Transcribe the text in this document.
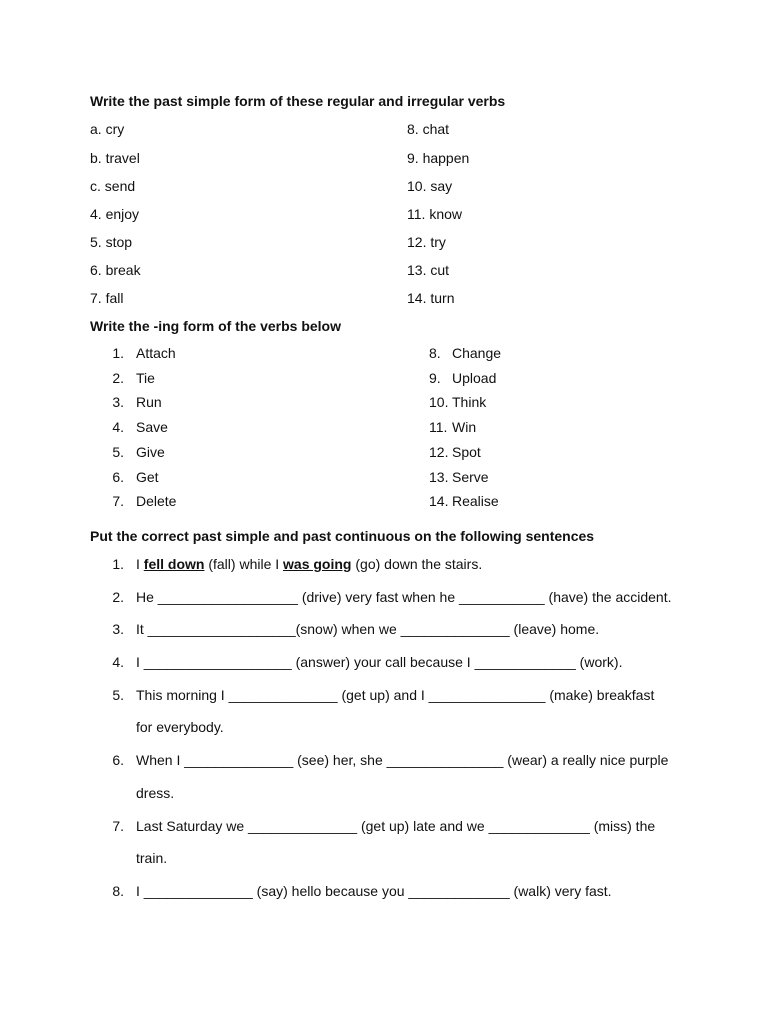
Write the past simple form of these regular and irregular verbs
a. cry
b. travel
c. send
4. enjoy
5. stop
6. break
7. fall
8. chat
9. happen
10. say
11. know
12. try
13. cut
14. turn
Write the -ing form of the verbs below
1.
2.
3.
4.
5.
6.
7.
Attach
Tie
Run
Save
Give
Get
Delete
8.
9.
10.
11.
12.
13.
14.
Change
Upload
Think
Win
Spot
Serve
Realise
Put the correct past simple and past continuous on the following sentences
1. I fell down (fall) while I was going (go) down the stairs.
2. He __________________ (drive) very fast when he ___________ (have) the accident.
3. It ___________________(snow) when we ______________ (leave) home.
4. I ___________________ (answer) your call because I _____________ (work).
5. This morning I ______________ (get up) and I _______________ (make) breakfast
for everybody.
6. When I ______________ (see) her, she _______________ (wear) a really nice purple
dress.
7. Last Saturday we ______________ (get up) late and we _____________ (miss) the
train.
8. I ______________ (say) hello because you _____________ (walk) very fast.
